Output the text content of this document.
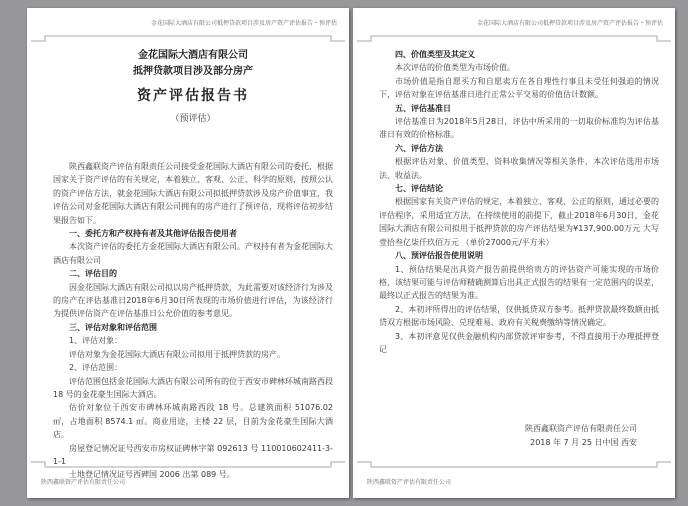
金花国际大酒店有限公司抵押贷款项目涉及房产资产评估报告・预评估
金花国际大酒店有限公司
抵押贷款项目涉及部分房产
资产评估报告书
（预评估）

陕西鑫联资产评估有限责任公司接受金花国际大酒店有限公司的委托，根据国家关于资产评估的有关规定，本着独立、客观、公正、科学的原则，按照公认的资产评估方法，就金花国际大酒店有限公司拟抵押贷款涉及房产价值事宜，我评估公司对金花国际大酒店有限公司拥有的房产进行了预评估，现将评估初步结果报告如下。

一、委托方和产权持有者及其他评估报告使用者

本次资产评估的委托方金花国际大酒店有限公司。产权持有者为金花国际大酒店有限公司

二、评估目的

因金花国际大酒店有限公司拟以房产抵押贷款，为此需要对该经济行为涉及的房产在评估基准日2018年6月30日所表现的市场价值进行评估，为该经济行为提供评估资产在评估基准日公允价值的参考意见。

三、评估对象和评估范围

1、评估对象：

评估对象为金花国际大酒店有限公司拟用于抵押贷款的房产。

2、评估范围：

评估范围包括金花国际大酒店有限公司所有的位于西安市碑林环城南路西段 18 号的金花豪生国际大酒店。

估价对象位于西安市碑林环城南路西段 18 号。总建筑面积 51076.02 ㎡，占地面积 8574.1 ㎡。商业用途，主楼 22 层，目前为金花豪生国际大酒店。

房屋登记情况证号西安市房权证碑林字第 092613 号 110010602411-3-1-1

土地登记情况证号西碑国 2006 出第 089 号。

陕西鑫联资产评估有限责任公司
金花国际大酒店有限公司抵押贷款项目涉及房产资产评估报告・预评估

四、价值类型及其定义

本次评估的价值类型为市场价值。

市场价值是指自愿买方和自愿卖方在各自理性行事且未受任何强迫的情况下，评估对象在评估基准日进行正常公平交易的价值估计数额。

五、评估基准日

评估基准日为2018年5月28日，评估中所采用的一切取价标准均为评估基准日有效的价格标准。

六、评估方法

根据评估对象、价值类型、资料收集情况等相关条件，本次评估选用市场法、收益法。

七、评估结论

根据国家有关资产评估的规定，本着独立、客观、公正的原则，通过必要的评估程序，采用适宜方法，在持续使用的前提下，截止2018年6月30日，金花国际大酒店有限公司拟用于抵押贷款的房产评估结果为¥137,900.00万元 大写壹拾叁亿柒仟玖佰万元 （单价27000元/平方米）

八、预评估报告使用说明

1、预估结果是出具资产报告前提供给贵方的评估资产可能实现的市场价格，该结果可能与评估师精确测算后出具正式报告的结果有一定范围内的误差，最终以正式报告的结果为准。

2、本初评所得出的评估结果，仅供抵贷双方参考。抵押贷款最终数额由抵贷双方根据市场风险、兑现难易、政府有关税费缴纳等情况确定。

3、本初评意见仅供金融机构内部贷款评审参考，不得直接用于办理抵押登记

陕西鑫联资产评估有限责任公司

2018 年 7 月 25 日中国 西安

陕西鑫联资产评估有限责任公司
